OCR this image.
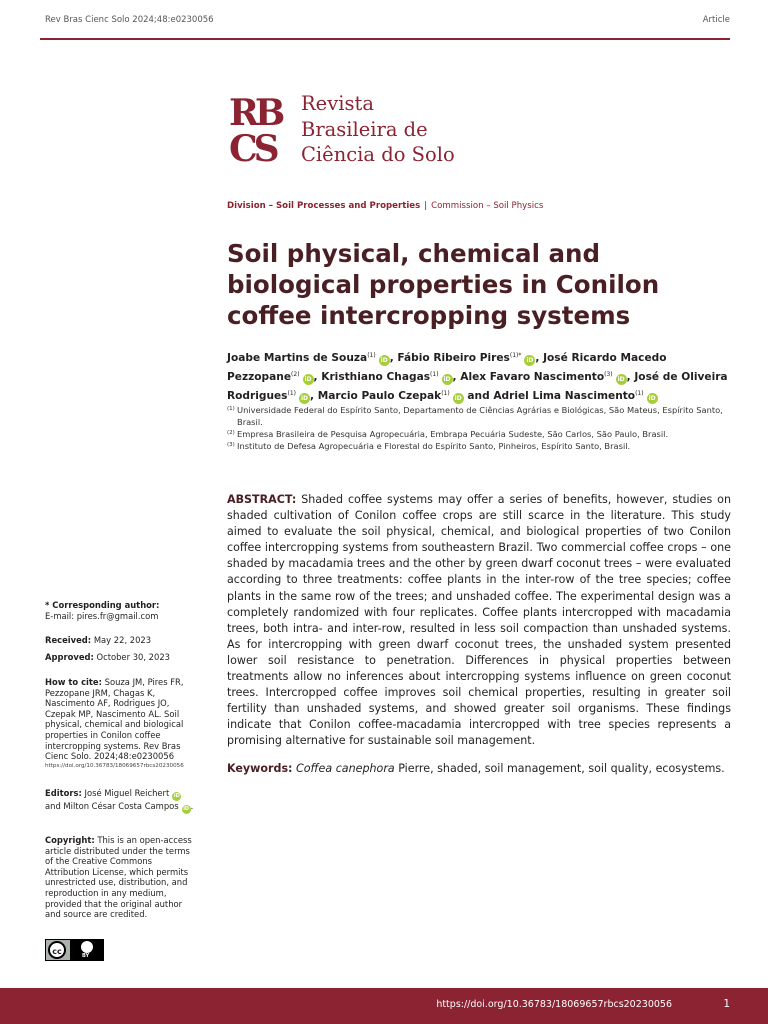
Rev Bras Cienc Solo 2024;48:e0230056	Article
RB
CS
Revista
Brasileira de
Ciência do Solo
Division – Soil Processes and Properties | Commission – Soil Physics
Soil physical, chemical and biological properties in Conilon coffee intercropping systems
Joabe Martins de Souza$^{(1)}$iD , Fábio Ribeiro Pires$^{(1)*}$iD , José Ricardo Macedo Pezzopane$^{(2)}$iD , Kristhiano Chagas$^{(1)}$iD , Alex Favaro Nascimento$^{(3)}$iD , José de Oliveira Rodrigues$^{(1)}$iD , Marcio Paulo Czepak$^{(1)}$iD and Adriel Lima Nascimento$^{(1)}$iD
(1) Universidade Federal do Espírito Santo, Departamento de Ciências Agrárias e Biológicas, São Mateus, Espírito Santo, Brasil.
(2) Empresa Brasileira de Pesquisa Agropecuária, Embrapa Pecuária Sudeste, São Carlos, São Paulo, Brasil.
(3) Instituto de Defesa Agropecuária e Florestal do Espírito Santo, Pinheiros, Espírito Santo, Brasil.
ABSTRACT: Shaded coffee systems may offer a series of benefits, however, studies on shaded cultivation of Conilon coffee crops are still scarce in the literature. This study aimed to evaluate the soil physical, chemical, and biological properties of two Conilon coffee intercropping systems from southeastern Brazil. Two commercial coffee crops – one shaded by macadamia trees and the other by green dwarf coconut trees – were evaluated according to three treatments: coffee plants in the inter-row of the tree species; coffee plants in the same row of the trees; and unshaded coffee. The experimental design was a completely randomized with four replicates. Coffee plants intercropped with macadamia trees, both intra- and inter-row, resulted in less soil compaction than unshaded systems. As for intercropping with green dwarf coconut trees, the unshaded system presented lower soil resistance to penetration. Differences in physical properties between treatments allow no inferences about intercropping systems influence on green coconut trees. Intercropped coffee improves soil chemical properties, resulting in greater soil fertility than unshaded systems, and showed greater soil organisms. These findings indicate that Conilon coffee-macadamia intercropped with tree species represents a promising alternative for sustainable soil management.
Keywords: Coffea canephora Pierre, shaded, soil management, soil quality, ecosystems.
* Corresponding author:
E-mail: pires.fr@gmail.com
Received: May 22, 2023
Approved: October 30, 2023
How to cite: Souza JM, Pires FR, Pezzopane JRM, Chagas K, Nascimento AF, Rodrigues JO, Czepak MP, Nascimento AL. Soil physical, chemical and biological properties in Conilon coffee intercropping systems. Rev Bras Cienc Solo. 2024;48:e0230056
https://doi.org/10.36783/18069657rbcs20230056
Editors: José Miguel Reichert iD and Milton César Costa Campos iD .
Copyright: This is an open-access article distributed under the terms of the Creative Commons Attribution License, which permits unrestricted use, distribution, and reproduction in any medium, provided that the original author and source are credited.
cc	BY
https://doi.org/10.36783/18069657rbcs20230056	1
